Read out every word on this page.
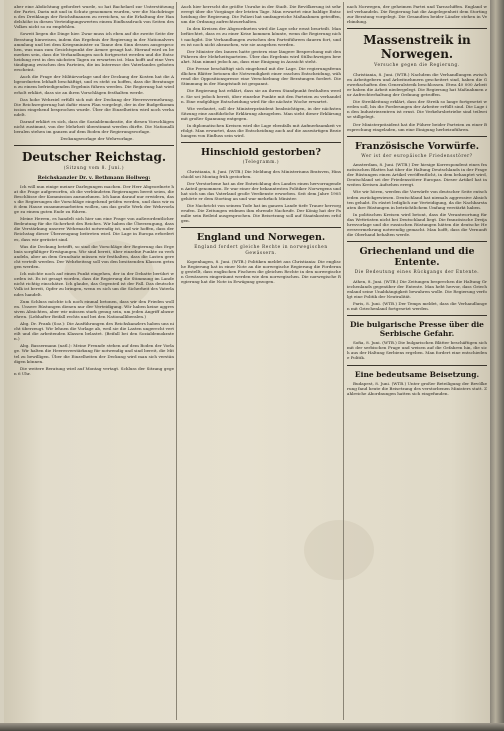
aber eine Abdichtung gefordert wurde, so hat Bachelard zur Unterstützung der Partei, Darin mit und in Schutz genommen wurden, wer die Nachdringen des Dreiklangs der Reichsfinanzen zu erreichen, so die Erhaltung der Handelshöhe in diesen Verteidigungswerten einem Einflussdruck von Seiten des Volkes nicht so zu empfehlen.

Soweit liegen die Dinge hier. Zwar muss ich eben auf die zweite Seite der Beratung hinweisen, indem das Ergebnis der Regierung in der Nationalversammlung und bei dem Kriegsminister zu Tanne den Sinn dessen ausgesprochen, was man zum Gesichtspunkt der Armee gesagt hat. Hierauf wird zu bemerken sein, dass die Verhandlungen noch fortgesetzt werden und die Entscheidung erst in den nächsten Tagen zu erwarten ist. Man hofft auf eine Verständigung zwischen den Parteien, die im Interesse des Vaterlandes geboten erscheint.

Auch die Frage der Militärvorlage und der Deckung der Kosten hat die Abgeordneten lebhaft beschäftigt, und es steht zu hoffen, dass die Beratungen zu einem befriedigenden Ergebnis führen werden. Die Regierung hat wiederholt erklärt, dass sie an ihren Vorschlägen festhalten werde.

Das hohe Wehrziel erfüllt sich mit der Deckung der Heeresvermehrung. Die Reichsregierung hat dafür einen Plan vorgelegt, der in der Budgetkommission eingehend besprochen wurde. Über die Einzelheiten wird noch verhandelt.

Darauf erklärt es sich, dass die Sozialdemokratie, die diesen Vorschlägen nicht zustimmt, von der Mehrheit überstimmt werden dürfte. Die Nationalliberalen stehen im ganzen auf dem Boden der Regierungsvorlage.

Deckungsvorlage der Wehrvorlage.

Deutscher Reichstag.
(Sitzung vom 8. Juni.)
Reichskanzler Dr. v. Bethmann Hollweg:

Ich will nun einige meiner Darlegungen machen. Der Herr Abgeordnete hat die Frage aufgeworfen, ob die verbündeten Regierungen bereit seien, die Beschlüsse der Kommission anzunehmen. Ich kann darauf nur erwidern, dass die Regierungen die Vorschläge eingehend prüfen werden, und dass wir mit dem Hause zusammenarbeiten wollen, um das große Werk der Wehrvorlage zu einem guten Ende zu führen.

Meine Herren, es handelt sich hier um eine Frage von außerordentlicher Bedeutung für die Sicherheit des Reiches. Wir haben die Überzeugung, dass die Verstärkung unserer Wehrmacht notwendig ist, und wir hoffen, dass der Reichstag dieser Überzeugung beitreten wird. Die Lage in Europa erfordert es, dass wir gerüstet sind.

Was die Deckung betrifft, so sind die Vorschläge der Regierung das Ergebnis sorgfältiger Erwägungen. Wir sind bereit, über einzelne Punkte zu verhandeln, aber an dem Grundsatz müssen wir festhalten, dass die Lasten gerecht verteilt werden. Der Wehrbeitrag soll von den besitzenden Klassen getragen werden.

Ich möchte noch auf einen Punkt eingehen, der in der Debatte berührt worden ist. Es ist gesagt worden, dass die Regierung die Stimmung im Lande nicht richtig einschätze. Ich glaube, das Gegenteil ist der Fall. Das deutsche Volk ist bereit, Opfer zu bringen, wenn es sich um die Sicherheit des Vaterlandes handelt.

Zum Schluss möchte ich noch einmal betonen, dass wir den Frieden wollen. Unsere Rüstungen dienen nur der Verteidigung. Wir haben keine aggressiven Absichten, aber wir müssen stark genug sein, um jeden Angriff abzuwehren. (Lebhafter Beifall rechts und bei den Nationalliberalen.)

Abg. Dr. Frank (Soz.): Die Ausführungen des Reichskanzlers haben uns nicht überzeugt. Wir lehnen die Vorlage ab, weil sie die Lasten ungerecht verteilt und die arbeitenden Klassen belastet. (Beifall bei den Sozialdemokraten.)

Abg. Bassermann (natl.): Meine Freunde stehen auf dem Boden der Vorlage. Wir halten die Heeresverstärkung für notwendig und sind bereit, die Mittel zu bewilligen. Über die Einzelheiten der Deckung wird man sich verständigen können.

Die weitere Beratung wird auf Montag vertagt. Schluss der Sitzung gegen 6 Uhr.

Auch hier herrscht die größte Unruhe in der Stadt. Die Bevölkerung ist sehr erregt über die Vorgänge der letzten Tage. Man erwartet eine baldige Entscheidung der Regierung. Die Polizei hat umfangreiche Maßnahmen getroffen, um die Ordnung aufrechtzuerhalten.

In den Kreisen der Abgeordneten wird die Lage sehr ernst beurteilt. Man befürchtet, dass es zu einer Krise kommen könnte, wenn die Regierung nicht nachgibt. Die Verhandlungen zwischen den Parteiführern dauern fort, und es ist noch nicht abzusehen, wie sie ausgehen werden.

Der Minister des Innern hatte gestern eine längere Besprechung mit den Führern der Mehrheitsparteien. Über das Ergebnis wird Stillschweigen bewahrt. Man nimmt jedoch an, dass eine Einigung in Aussicht steht.

Die Presse beschäftigt sich eingehend mit der Lage. Die regierungsfreundlichen Blätter betonen die Notwendigkeit einer raschen Entscheidung, während die Oppositionspresse eine Verschiebung der Beratungen fordert. Die Stimmung in der Hauptstadt ist gespannt.

Die Regierung hat erklärt, dass sie an ihrem Standpunkt festhalten werde. Sie sei jedoch bereit, über einzelne Punkte mit den Parteien zu verhandeln. Eine endgültige Entscheidung wird für die nächste Woche erwartet.

Wie verlautet, soll der Ministerpräsident beabsichtigen, in der nächsten Sitzung eine ausführliche Erklärung abzugeben. Man sieht dieser Erklärung mit großer Spannung entgegen.

In diplomatischen Kreisen wird die Lage ebenfalls mit Aufmerksamkeit verfolgt. Man erwartet, dass die Entscheidung auch auf die auswärtigen Beziehungen von Einfluss sein wird.

Hinschiold gestorben?
(Telegramm.)

Christiania, 8. Juni. (WTB.) Die Meldung des Ministeriums Bratsven, Hinschiold sei Montag früh gestorben.

Der Verstorbene hat an der Entwicklung des Landes einen hervorragenden Anteil genommen. Er war einer der bekanntesten Politiker Norwegens und hat sich um das Vaterland große Verdienste erworben. Seit dem Jahre 1905 gehörte er dem Storting an und war mehrfach Minister.

Die Nachricht von seinem Tode hat im ganzen Lande tiefe Trauer hervorgerufen. Die Zeitungen widmen ihm ehrende Nachrufe. Der König hat der Familie sein Beileid ausgesprochen. Die Beisetzung soll auf Staatskosten erfolgen.

England und Norwegen.
England fordert gleiche Rechte in norwegischen Gewässern.

Kopenhagen, 8. Juni. (WTB.) Politiken meldet aus Christiania: Die englische Regierung hat in einer Note an die norwegische Regierung die Forderung gestellt, dass englischen Fischern die gleichen Rechte in den norwegischen Gewässern eingeräumt werden wie den norwegischen. Die norwegische Regierung hat die Note in Erwägung gezogen.

nach Norwegen, der geheimen Partei und Tarnschiffen. England wird verhandeln. Die Regierung hat die Angelegenheit dem Storting zur Beratung vorgelegt. Die Gesandten beider Länder stehen in Verbindung.

Massenstreik in Norwegen.
Versuche gegen die Regierung.

Christiania, 8. Juni. (WTB.) Nachdem die Verhandlungen zwischen Arbeitgebern und Arbeitnehmern gescheitert sind, haben die Gewerkschaften den Generalstreik beschlossen. Etwa 40 000 Arbeiter haben die Arbeit niedergelegt. Die Regierung hat Maßnahmen zur Aufrechterhaltung der Ordnung getroffen.

Die Streikleitung erklärt, dass der Streik so lange fortgesetzt werden soll, bis die Forderungen der Arbeiter erfüllt sind. Die Lage in den Industriezentren ist ernst. Die Verkehrsbetriebe sind teilweise stillgelegt.

Der Ministerpräsident hat die Führer beider Parteien zu einer Besprechung eingeladen, um eine Einigung herbeizuführen.

Französische Vorwürfe.
Wer ist der europäische Friedensstörer?

Amsterdam, 8. Juni. (WTB.) Der hiesige Korrespondent eines französischen Blattes hat über die Haltung Deutschlands in der Frage der Rüstungen einen Artikel veröffentlicht, in dem behauptet wird, Deutschland sei der Friedensstörer Europas. Dieser Artikel hat in weiten Kreisen Aufsehen erregt.

Wie wir hören, werden die Vorwürfe von deutscher Seite entschieden zurückgewiesen. Deutschland hat niemals aggressive Absichten gehabt. Es rüstet lediglich zur Verteidigung, da die Nachbarstaaten ihre Rüstungen in beträchtlichem Umfang verstärkt haben.

In politischen Kreisen wird betont, dass die Verantwortung für das Wettrüsten nicht bei Deutschland liegt. Die französische Dreijahresvorlage und die russischen Rüstungen hätten die deutsche Heeresvermehrung notwendig gemacht. Man hofft, dass die Vernunft die Oberhand behalten werde.

Griechenland und die Entente.
Die Bedeutung eines Rückgangs der Entente.

Athen, 8. Juni. (WTB.) Die Zeitungen besprechen die Haltung Griechenlands gegenüber der Entente. Man hebt hervor, dass Griechenland seine Unabhängigkeit bewahren wolle. Die Regierung verfolgt eine Politik der Neutralität.

Paris, 8. Juni. (WTB.) Der Temps meldet, dass die Verhandlungen mit Griechenland fortgesetzt werden.

Die bulgarische Presse über die Serbische Gefahr.

Sofia, 8. Juni. (WTB.) Die bulgarischen Blätter beschäftigen sich mit der serbischen Frage und weisen auf die Gefahren hin, die sich aus der Haltung Serbiens ergeben. Man fordert eine entschiedene Politik.

Eine bedeutsame Beisetzung.

Budapest, 8. Juni. (WTB.) Unter großer Beteiligung der Bevölkerung fand heute die Beisetzung des verstorbenen Ministers statt. Zahlreiche Abordnungen hatten sich eingefunden.
